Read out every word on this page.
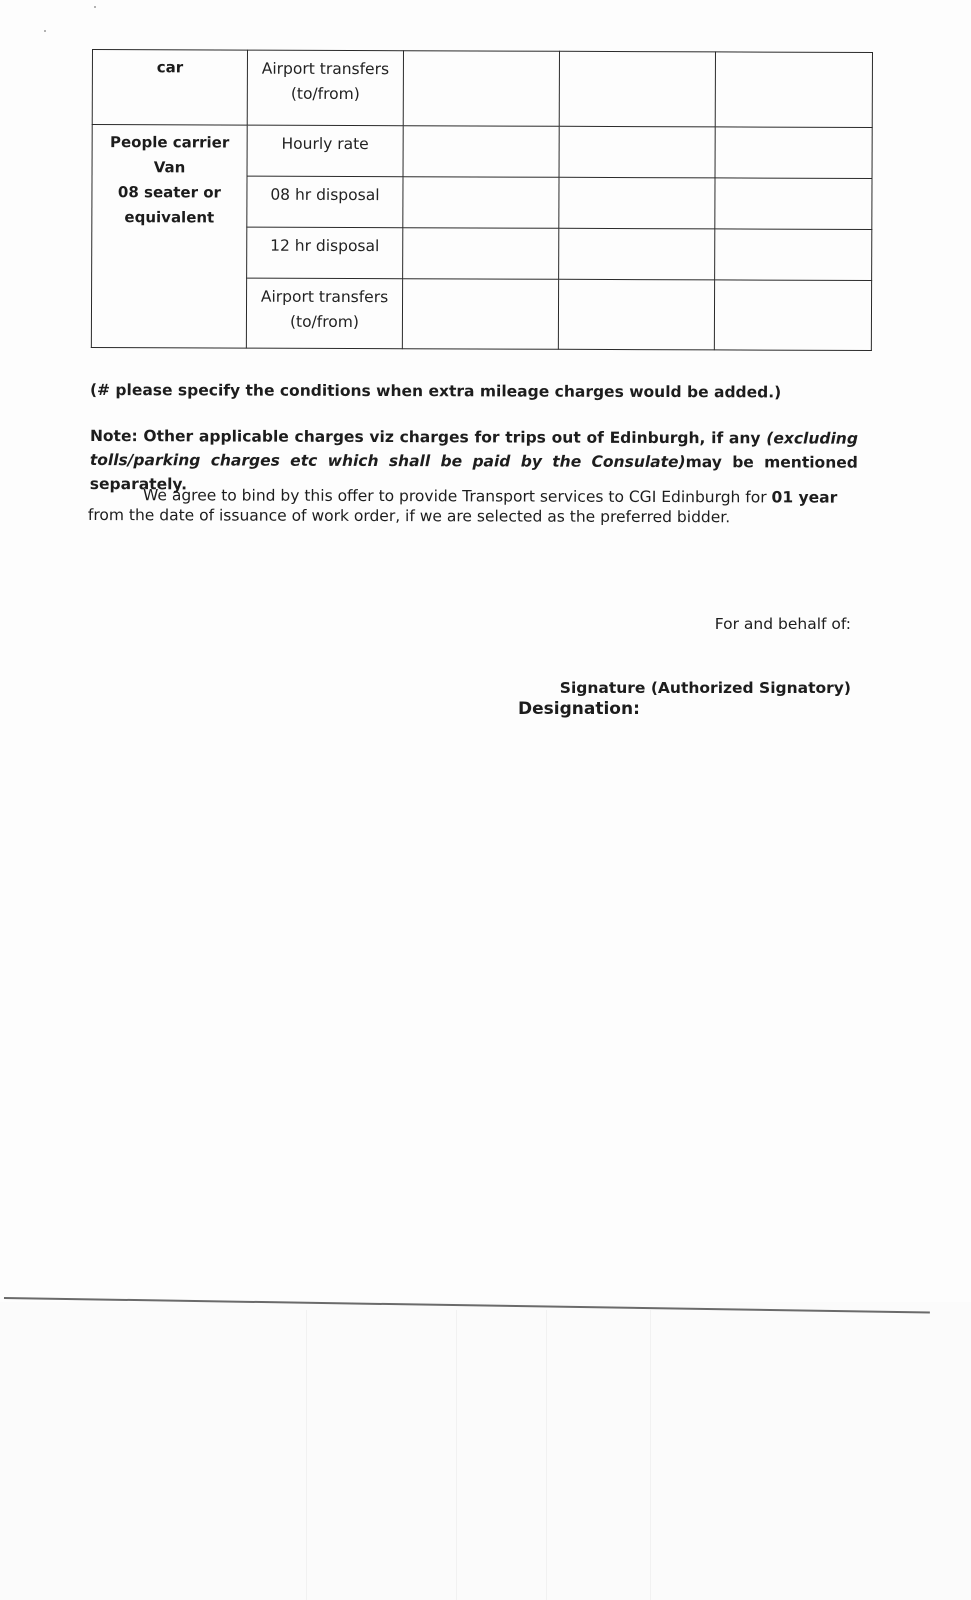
car	Airport transfers
(to/from)			

People carrier Van
08 seater or
equivalent	Hourly rate			

	08 hr disposal			

	12 hr disposal			

	Airport transfers
(to/from)			

(# please specify the conditions when extra mileage charges would be added.)
Note: Other applicable charges viz charges for trips out of Edinburgh, if any (excluding tolls/parking charges etc which shall be paid by the Consulate)may be mentioned separately.
We agree to bind by this offer to provide Transport services to CGI Edinburgh for 01 year from the date of issuance of work order, if we are selected as the preferred bidder.
For and behalf of:
Signature (Authorized Signatory)
Designation:
